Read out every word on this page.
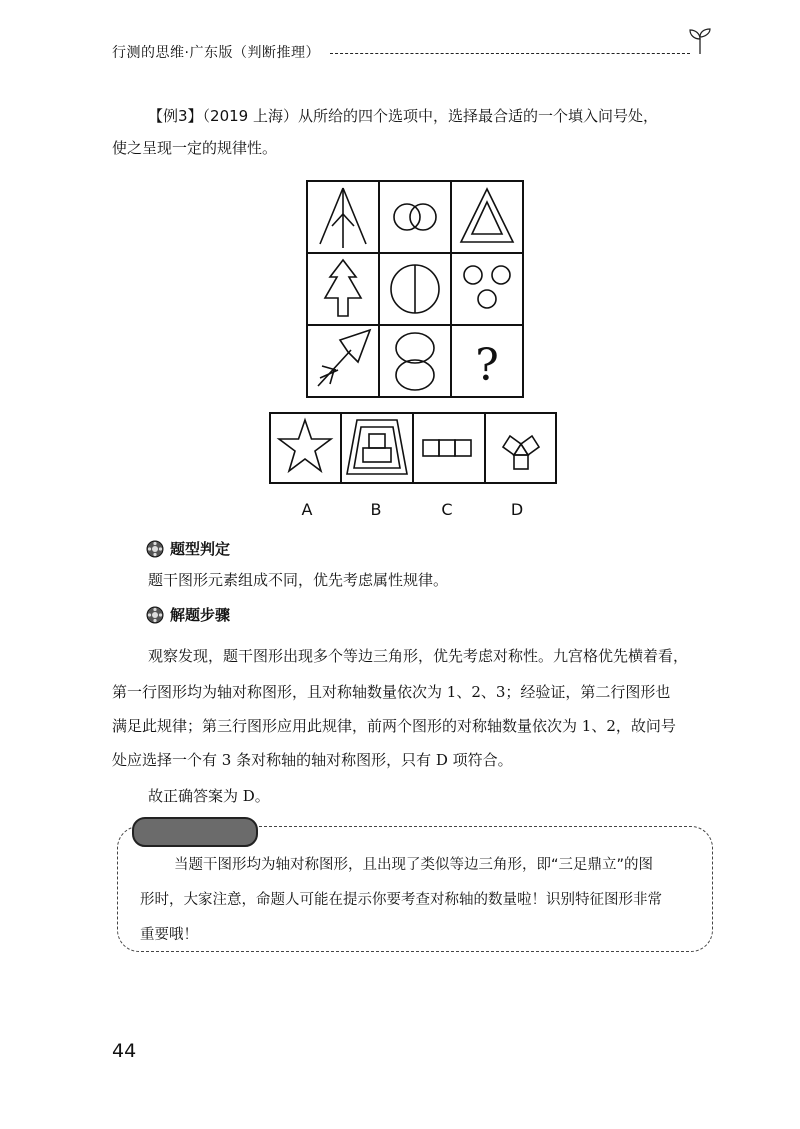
行测的思维·广东版（判断推理）
【例3】（2019 上海）从所给的四个选项中，选择最合适的一个填入问号处，
使之呈现一定的规律性。
?
A	B	C	D
题型判定
题干图形元素组成不同，优先考虑属性规律。
解题步骤
观察发现，题干图形出现多个等边三角形，优先考虑对称性。九宫格优先横着看，
第一行图形均为轴对称图形，且对称轴数量依次为 1、2、3；经验证，第二行图形也
满足此规律；第三行图形应用此规律，前两个图形的对称轴数量依次为 1、2，故问号
处应选择一个有 3 条对称轴的轴对称图形，只有 D 项符合。
故正确答案为 D。
当题干图形均为轴对称图形，且出现了类似等边三角形，即“三足鼎立”的图
形时，大家注意，命题人可能在提示你要考查对称轴的数量啦！识别特征图形非常
重要哦！
44
